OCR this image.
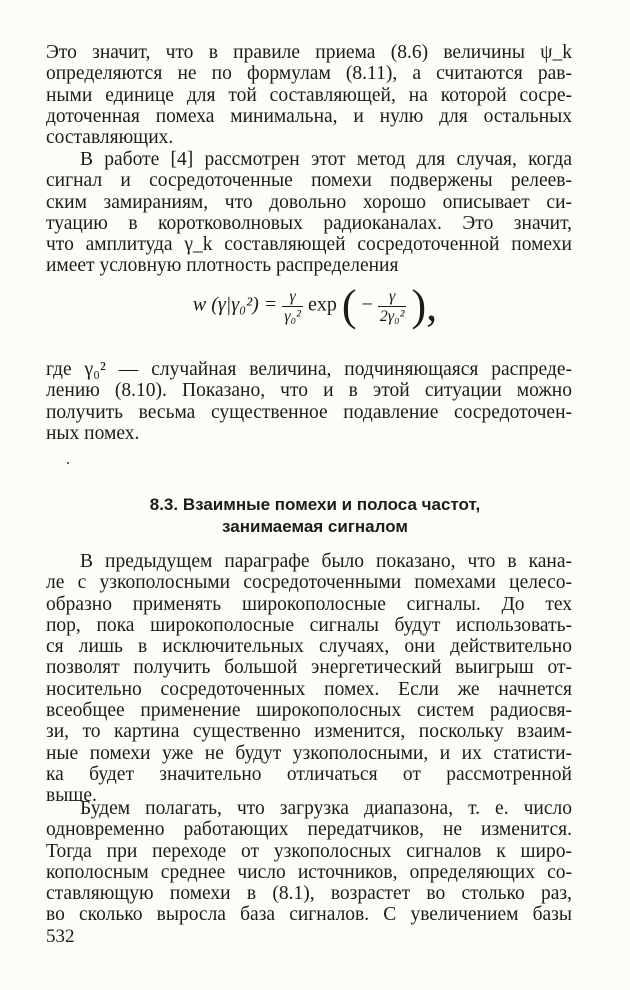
Это значит, что в правиле приема (8.6) величины ψ_k
определяются не по формулам (8.11), а считаются рав-
ными единице для той составляющей, на которой сосре-
доточенная помеха минимальна, и нулю для остальных
составляющих.
В работе [4] рассмотрен этот метод для случая, когда
сигнал и сосредоточенные помехи подвержены релеев-
ским замираниям, что довольно хорошо описывает си-
туацию в коротковолновых радиоканалах. Это значит,
что амплитуда γ_k составляющей сосредоточенной помехи
имеет условную плотность распределения
w $(\gamma|\gamma_0^2) = \frac{\gamma}{\text{γ₀²}}$ exp ( − $\frac{\gamma}{\text{2γ₀²}}$ ),
где γ₀² — случайная величина, подчиняющаяся распреде-
лению (8.10). Показано, что и в этой ситуации можно
получить весьма существенное подавление сосредоточен-
ных помех.
8.3. Взаимные помехи и полоса частот,
занимаемая сигналом
В предыдущем параграфе было показано, что в кана-
ле с узкополосными сосредоточенными помехами целесо-
образно применять широкополосные сигналы. До тех
пор, пока широкополосные сигналы будут использовать-
ся лишь в исключительных случаях, они действительно
позволят получить большой энергетический выигрыш от-
носительно сосредоточенных помех. Если же начнется
всеобщее применение широкополосных систем радиосвя-
зи, то картина существенно изменится, поскольку взаим-
ные помехи уже не будут узкополосными, и их статисти-
ка будет значительно отличаться от рассмотренной
выше.
Будем полагать, что загрузка диапазона, т. е. число
одновременно работающих передатчиков, не изменится.
Тогда при переходе от узкополосных сигналов к широ-
кополосным среднее число источников, определяющих со-
ставляющую помехи в (8.1), возрастет во столько раз,
во сколько выросла база сигналов. С увеличением базы
532
